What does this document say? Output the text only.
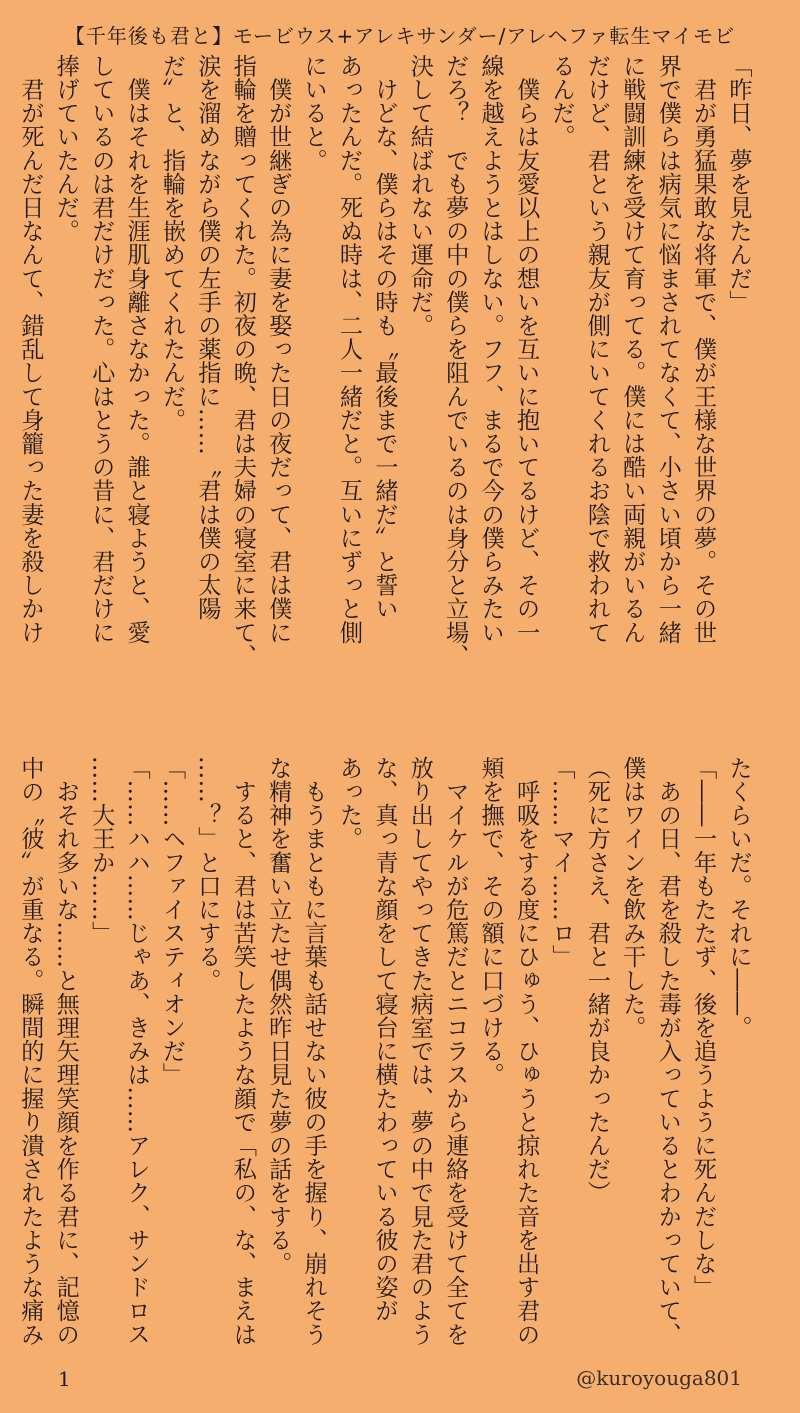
【千年後も君と】モービウス+アレキサンダー/アレヘファ転生マイモビ
「昨日、夢を見たんだ」
　君が勇猛果敢な将軍で、僕が王様な世界の夢。その世
界で僕らは病気に悩まされてなくて、小さい頃から一緒
に戦闘訓練を受けて育ってる。僕には酷い両親がいるん
だけど、君という親友が側にいてくれるお陰で救われて
るんだ。
　僕らは友愛以上の想いを互いに抱いてるけど、その一
線を越えようとはしない。フフ、まるで今の僕らみたい
だろ？　でも夢の中の僕らを阻んでいるのは身分と立場、
決して結ばれない運命だ。
　けどな、僕らはその時も〝最後まで一緒だ〟と誓い
あったんだ。死ぬ時は、二人一緒だと。互いにずっと側
にいると。
　僕が世継ぎの為に妻を娶った日の夜だって、君は僕に
指輪を贈ってくれた。初夜の晩、君は夫婦の寝室に来て、
涙を溜めながら僕の左手の薬指に……〝君は僕の太陽
だ〟と、指輪を嵌めてくれたんだ。
　僕はそれを生涯肌身離さなかった。誰と寝ようと、愛
しているのは君だけだった。心はとうの昔に、君だけに
捧げていたんだ。
　君が死んだ日なんて、錯乱して身籠った妻を殺しかけ
たくらいだ。それに――。
「――一年もたたず、後を追うように死んだしな」
　あの日、君を殺した毒が入っているとわかっていて、
僕はワインを飲み干した。
（死に方さえ、君と一緒が良かったんだ）
「……マイ……ロ」
　呼吸をする度にひゅう、ひゅうと掠れた音を出す君の
頬を撫で、その額に口づける。
　マイケルが危篤だとニコラスから連絡を受けて全てを
放り出してやってきた病室では、夢の中で見た君のよう
な、真っ青な顔をして寝台に横たわっている彼の姿が
あった。
　もうまともに言葉も話せない彼の手を握り、崩れそう
な精神を奮い立たせ偶然昨日見た夢の話をする。
　すると、君は苦笑したような顔で「私の、な、まえは
……？」と口にする。
「……ヘファイスティオンだ」
「……ハハ……じゃあ、きみは……アレク、サンドロス
……大王か……」
　おそれ多いな……と無理矢理笑顔を作る君に、記憶の
中の〝彼〟が重なる。瞬間的に握り潰されたような痛み
1	@kuroyouga801
